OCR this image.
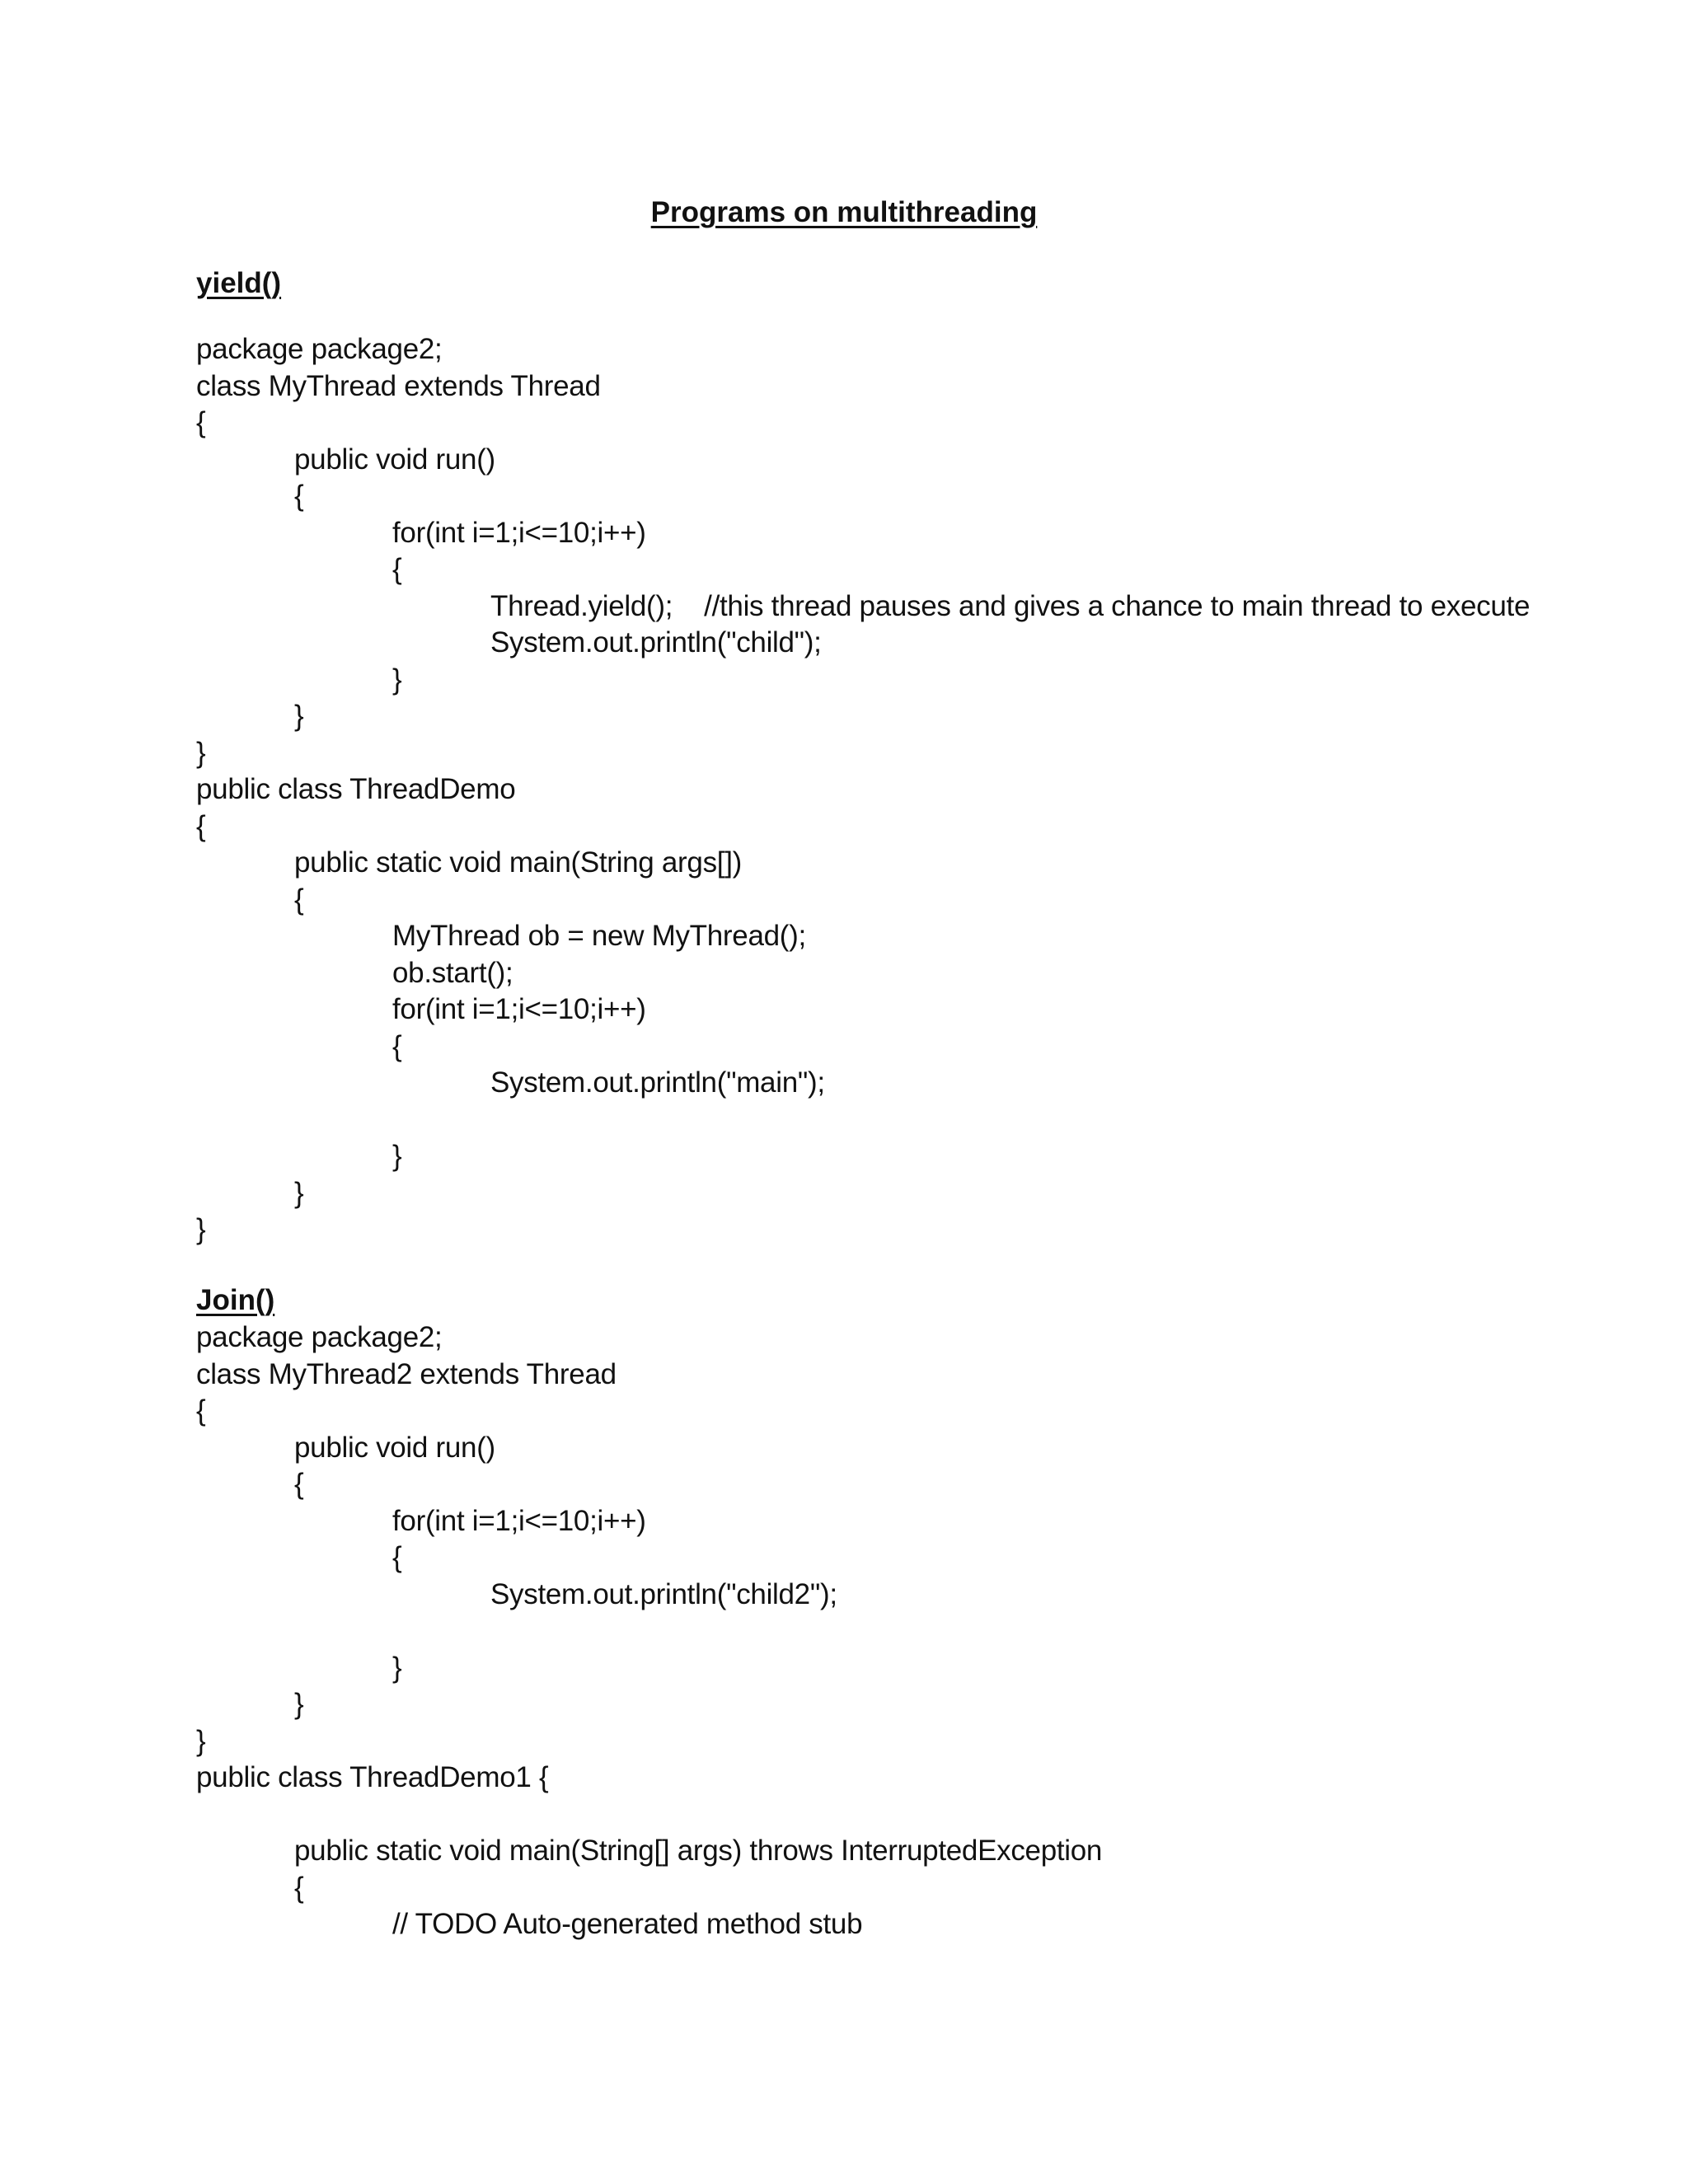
Programs on multithreading
yield()
package package2;
class MyThread extends Thread
{
public void run()
{
for(int i=1;i<=10;i++)
{
Thread.yield(); //this thread pauses and gives a chance to main thread to execute
System.out.println("child");
}
}
}
public class ThreadDemo
{
public static void main(String args[])
{
MyThread ob = new MyThread();
ob.start();
for(int i=1;i<=10;i++)
{
System.out.println("main");
}
}
}
Join()
package package2;
class MyThread2 extends Thread
{
public void run()
{
for(int i=1;i<=10;i++)
{
System.out.println("child2");
}
}
}
public class ThreadDemo1 {
public static void main(String[] args) throws InterruptedException
{
// TODO Auto-generated method stub
